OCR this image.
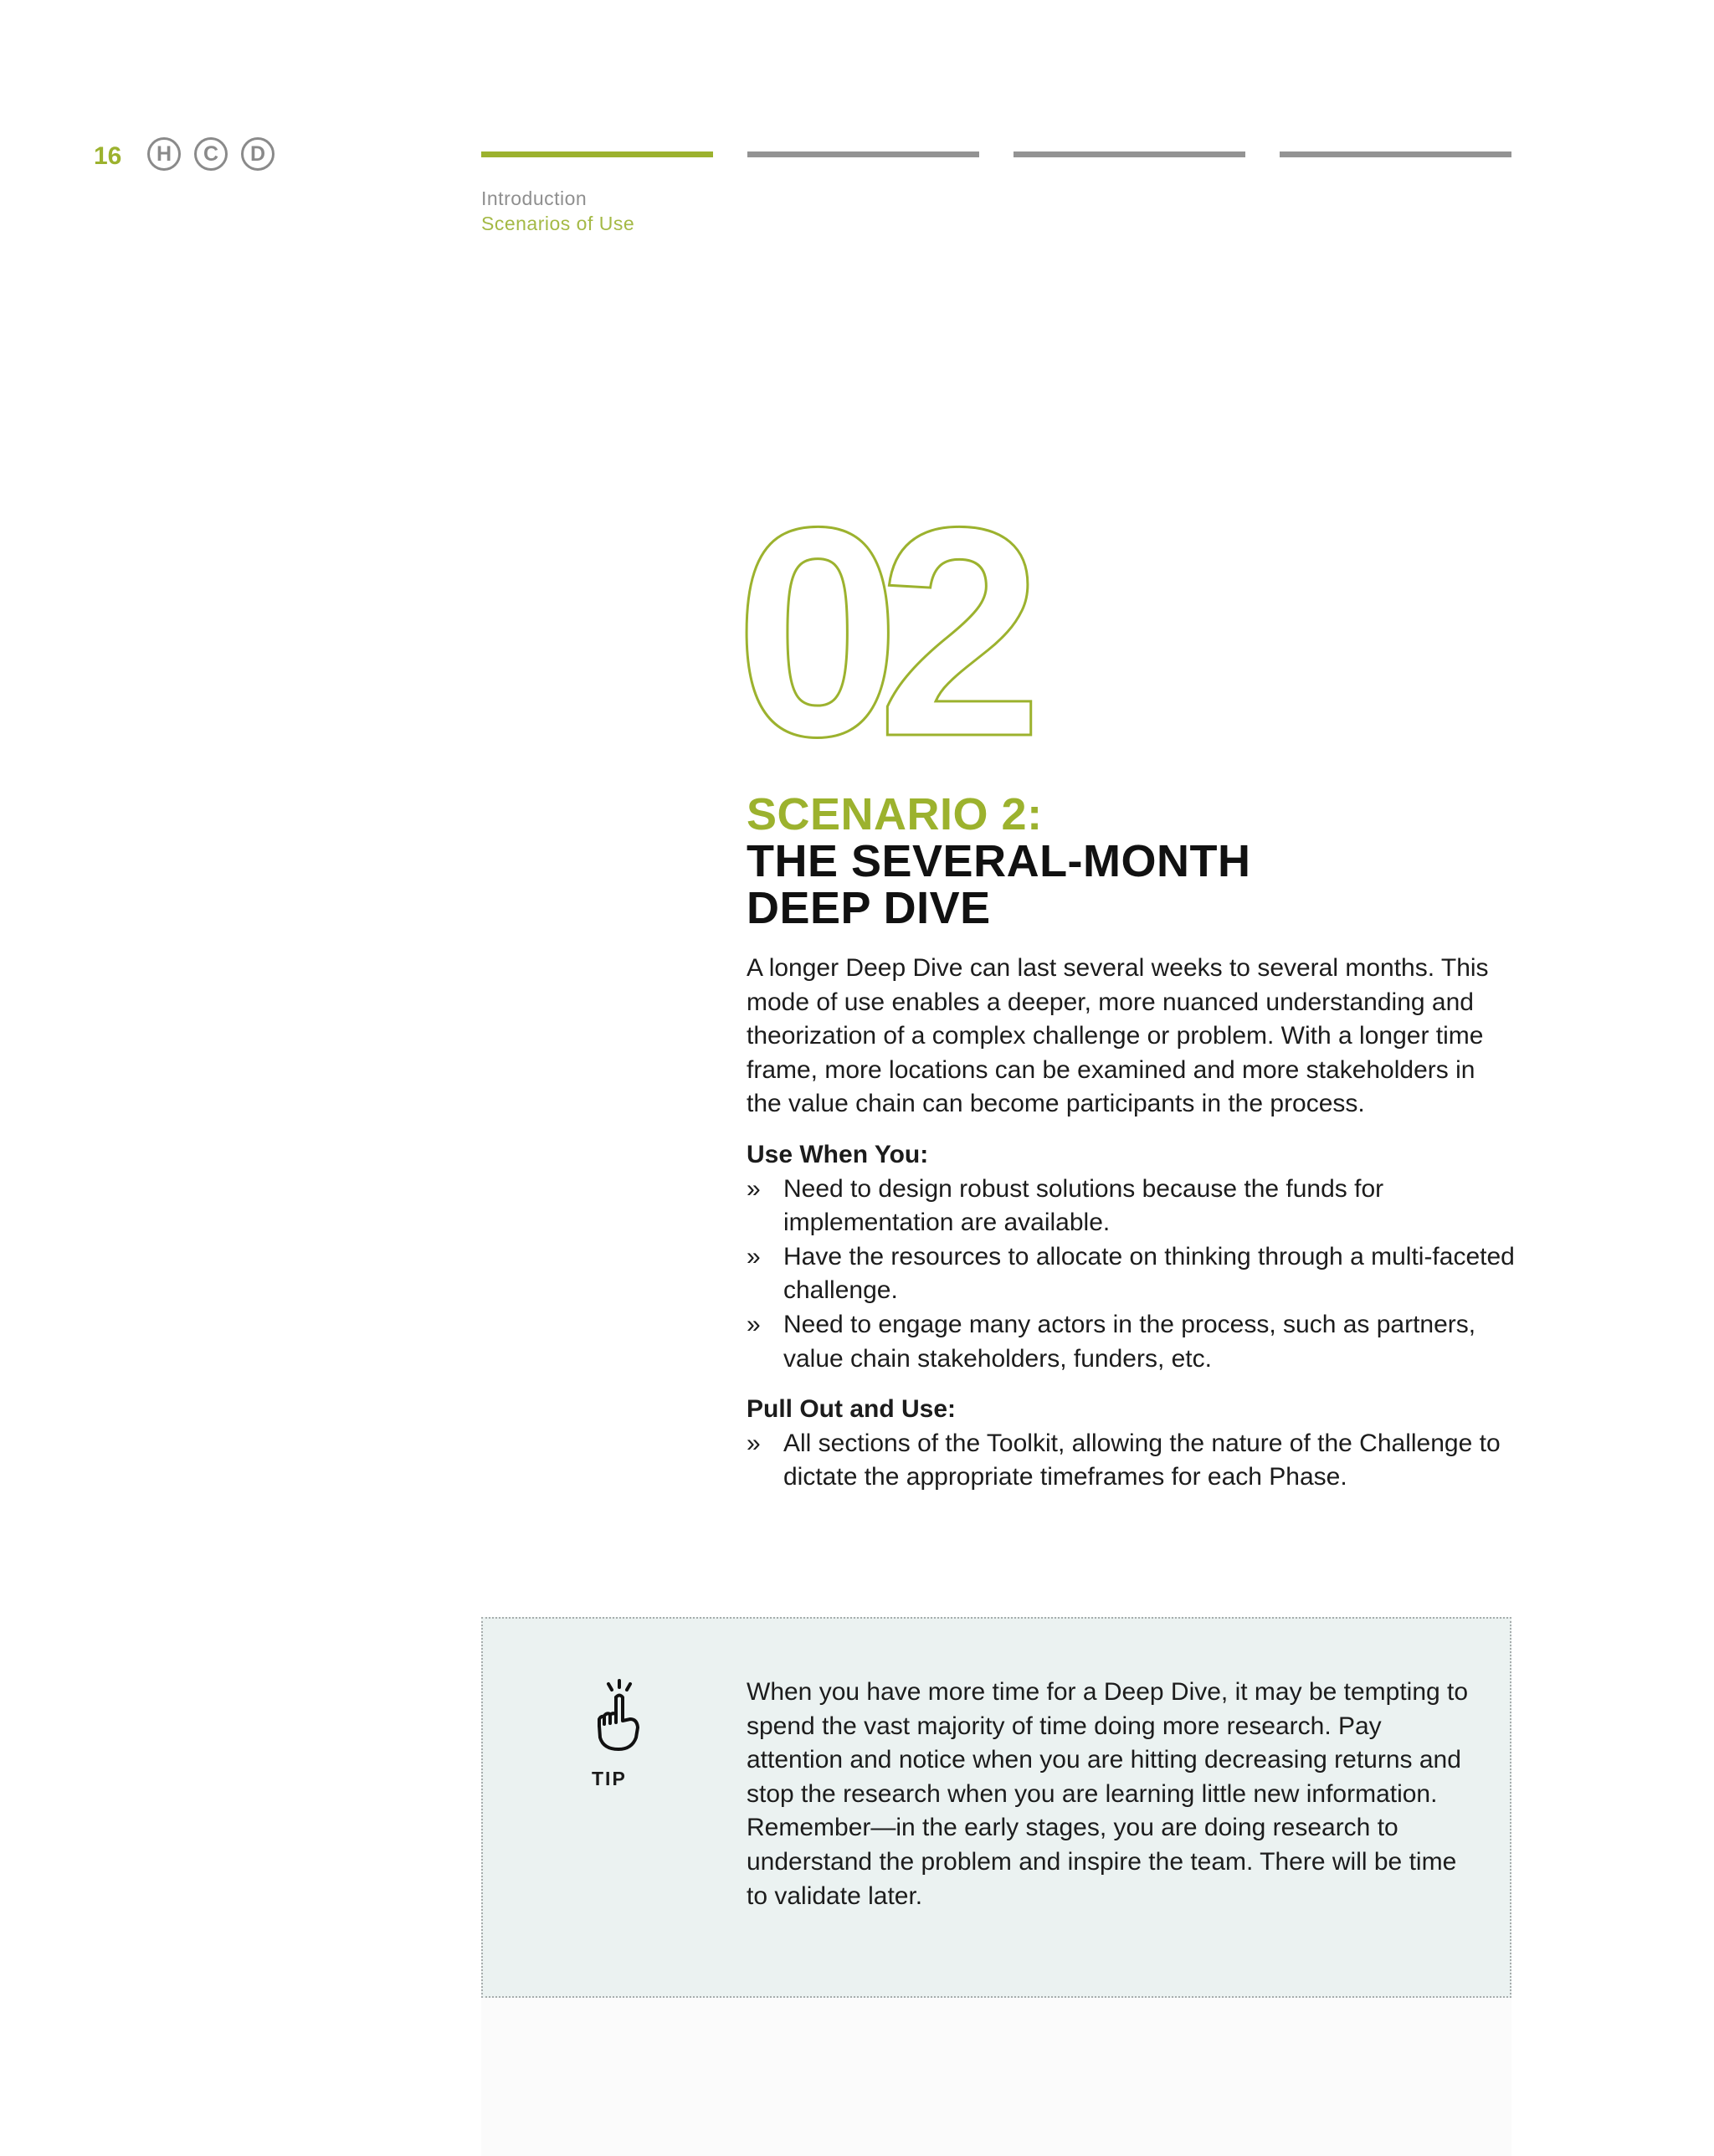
16	H	C	D
Introduction
Scenarios of Use
02
SCENARIO 2:
THE SEVERAL-MONTH
DEEP DIVE
A longer Deep Dive can last several weeks to several months. This mode of use enables a deeper, more nuanced understanding and theorization of a complex challenge or problem. With a longer time frame, more locations can be examined and more stakeholders in the value chain can become participants in the process.
Use When You:
» Need to design robust solutions because the funds for implementation are available.
» Have the resources to allocate on thinking through a multi-faceted challenge.
» Need to engage many actors in the process, such as partners, value chain stakeholders, funders, etc.
Pull Out and Use:
» All sections of the Toolkit, allowing the nature of the Challenge to dictate the appropriate timeframes for each Phase.
TIP
When you have more time for a Deep Dive, it may be tempting to spend the vast majority of time doing more research. Pay attention and notice when you are hitting decreasing returns and stop the research when you are learning little new information. Remember—in the early stages, you are doing research to understand the problem and inspire the team. There will be time to validate later.
